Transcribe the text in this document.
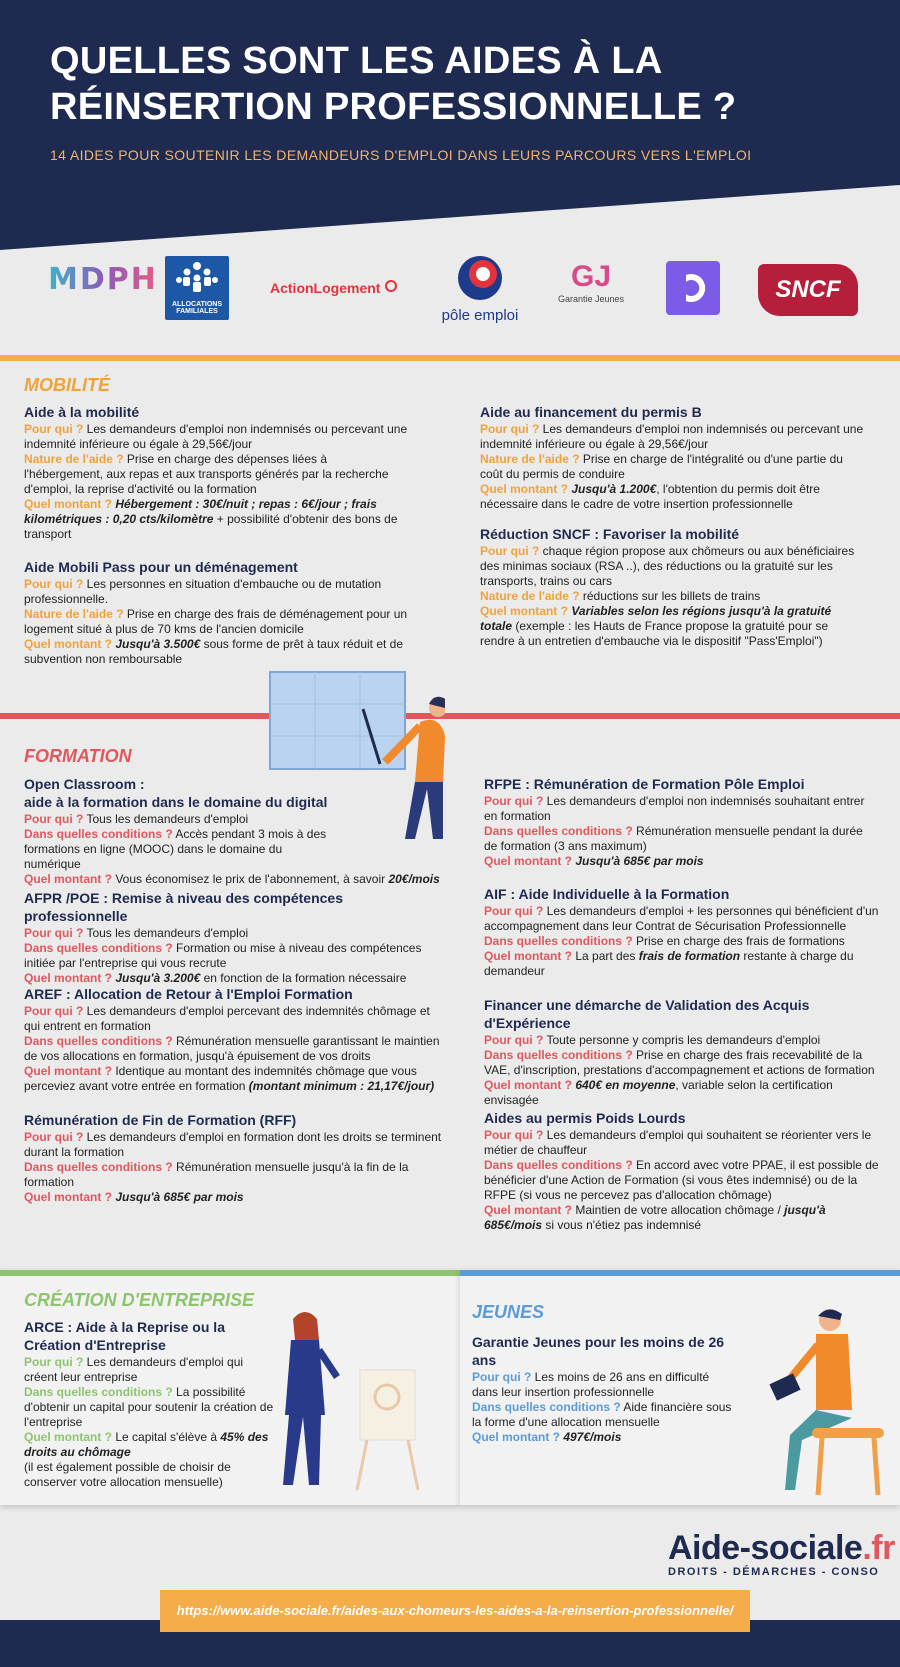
QUELLES SONT LES AIDES À LA
RÉINSERTION PROFESSIONNELLE ?
14 AIDES POUR SOUTENIR LES DEMANDEURS D'EMPLOI DANS LEURS PARCOURS VERS L'EMPLOI
MDPH
ALLOCATIONS
FAMILIALES
ActionLogement
pôle emploi
GJ
Garantie Jeunes	SNCF
MOBILITÉ
Aide à la mobilité
Pour qui ? Les demandeurs d'emploi non indemnisés ou percevant une indemnité inférieure ou égale à 29,56€/jour
Nature de l'aide ? Prise en charge des dépenses liées à l'hébergement, aux repas et aux transports générés par la recherche d'emploi, la reprise d'activité ou la formation
Quel montant ? Hébergement : 30€/nuit ; repas : 6€/jour ; frais kilométriques : 0,20 cts/kilomètre + possibilité d'obtenir des bons de transport
Aide Mobili Pass pour un déménagement
Pour qui ? Les personnes en situation d'embauche ou de mutation professionnelle.
Nature de l'aide ? Prise en charge des frais de déménagement pour un logement situé à plus de 70 kms de l'ancien domicile
Quel montant ? Jusqu'à 3.500€ sous forme de prêt à taux réduit et de subvention non remboursable
Aide au financement du permis B
Pour qui ? Les demandeurs d'emploi non indemnisés ou percevant une indemnité inférieure ou égale à 29,56€/jour
Nature de l'aide ? Prise en charge de l'intégralité ou d'une partie du coût du permis de conduire
Quel montant ? Jusqu'à 1.200€, l'obtention du permis doit être nécessaire dans le cadre de votre insertion professionnelle
Réduction SNCF : Favoriser la mobilité
Pour qui ? chaque région propose aux chômeurs ou aux bénéficiaires des minimas sociaux (RSA ..), des réductions ou la gratuité sur les transports, trains ou cars
Nature de l'aide ? réductions sur les billets de trains
Quel montant ? Variables selon les régions jusqu'à la gratuité totale (exemple : les Hauts de France propose la gratuité pour se rendre à un entretien d'embauche via le dispositif "Pass'Emploi")
FORMATION
Open Classroom :
aide à la formation dans le domaine du digital
Pour qui ? Tous les demandeurs d'emploi
Dans quelles conditions ? Accès pendant 3 mois à des formations en ligne (MOOC) dans le domaine du numérique
Quel montant ? Vous économisez le prix de l'abonnement, à savoir 20€/mois
AFPR /POE : Remise à niveau des compétences professionnelle
Pour qui ? Tous les demandeurs d'emploi
Dans quelles conditions ? Formation ou mise à niveau des compétences initiée par l'entreprise qui vous recrute
Quel montant ? Jusqu'à 3.200€ en fonction de la formation nécessaire
AREF : Allocation de Retour à l'Emploi Formation
Pour qui ? Les demandeurs d'emploi percevant des indemnités chômage et qui entrent en formation
Dans quelles conditions ? Rémunération mensuelle garantissant le maintien de vos allocations en formation, jusqu'à épuisement de vos droits
Quel montant ? Identique au montant des indemnités chômage que vous perceviez avant votre entrée en formation (montant minimum : 21,17€/jour)
Rémunération de Fin de Formation (RFF)
Pour qui ? Les demandeurs d'emploi en formation dont les droits se terminent durant la formation
Dans quelles conditions ? Rémunération mensuelle jusqu'à la fin de la formation
Quel montant ? Jusqu'à 685€ par mois
RFPE : Rémunération de Formation Pôle Emploi
Pour qui ? Les demandeurs d'emploi non indemnisés souhaitant entrer en formation
Dans quelles conditions ? Rémunération mensuelle pendant la durée de formation (3 ans maximum)
Quel montant ? Jusqu'à 685€ par mois
AIF : Aide Individuelle à la Formation
Pour qui ? Les demandeurs d'emploi + les personnes qui bénéficient d'un accompagnement dans leur Contrat de Sécurisation Professionnelle
Dans quelles conditions ? Prise en charge des frais de formations
Quel montant ? La part des frais de formation restante à charge du demandeur
Financer une démarche de Validation des Acquis
d'Expérience
Pour qui ? Toute personne y compris les demandeurs d'emploi
Dans quelles conditions ? Prise en charge des frais recevabilité de la VAE, d'inscription, prestations d'accompagnement et actions de formation
Quel montant ? 640€ en moyenne, variable selon la certification envisagée
Aides au permis Poids Lourds
Pour qui ? Les demandeurs d'emploi qui souhaitent se réorienter vers le métier de chauffeur
Dans quelles conditions ? En accord avec votre PPAE, il est possible de bénéficier d'une Action de Formation (si vous êtes indemnisé) ou de la RFPE (si vous ne percevez pas d'allocation chômage)
Quel montant ? Maintien de votre allocation chômage / jusqu'à 685€/mois si vous n'étiez pas indemnisé
CRÉATION D'ENTREPRISE
ARCE : Aide à la Reprise ou la
Création d'Entreprise
Pour qui ? Les demandeurs d'emploi qui créent leur entreprise
Dans quelles conditions ? La possibilité d'obtenir un capital pour soutenir la création de l'entreprise
Quel montant ? Le capital s'élève à 45% des droits au chômage
(il est également possible de choisir de conserver votre allocation mensuelle)
JEUNES
Garantie Jeunes pour les moins de 26 ans
Pour qui ? Les moins de 26 ans en difficulté dans leur insertion professionnelle
Dans quelles conditions ? Aide financière sous la forme d'une allocation mensuelle
Quel montant ? 497€/mois
Aide-sociale.fr
DROITS - DÉMARCHES - CONSO
https://www.aide-sociale.fr/aides-aux-chomeurs-les-aides-a-la-reinsertion-professionnelle/
